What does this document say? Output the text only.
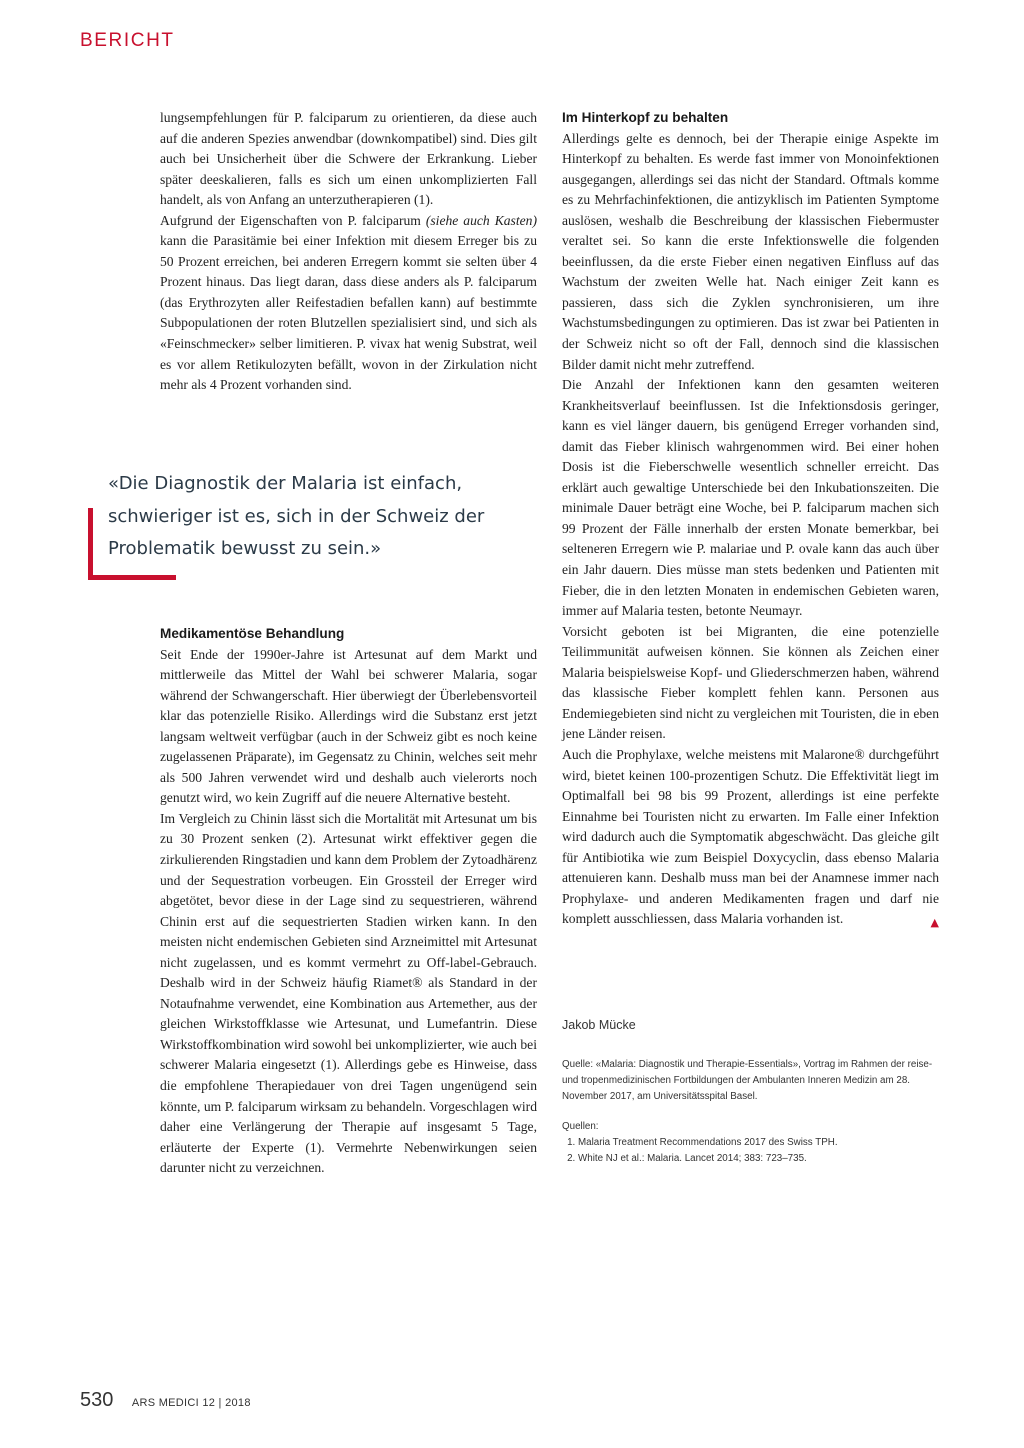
BERICHT

lungsempfehlungen für P. falciparum zu orientieren, da diese auch auf die anderen Spezies anwendbar (downkompatibel) sind. Dies gilt auch bei Unsicherheit über die Schwere der Erkrankung. Lieber später deeskalieren, falls es sich um einen unkomplizierten Fall handelt, als von Anfang an unterzutherapieren (1).

Aufgrund der Eigenschaften von P. falciparum (siehe auch Kasten) kann die Parasitämie bei einer Infektion mit diesem Erreger bis zu 50 Prozent erreichen, bei anderen Erregern kommt sie selten über 4 Prozent hinaus. Das liegt daran, dass diese anders als P. falciparum (das Erythrozyten aller Reifestadien befallen kann) auf bestimmte Subpopulationen der roten Blutzellen spezialisiert sind, und sich als «Feinschmecker» selber limitieren. P. vivax hat wenig Substrat, weil es vor allem Retikulozyten befällt, wovon in der Zirkulation nicht mehr als 4 Prozent vorhanden sind.

Medikamentöse Behandlung

Seit Ende der 1990er-Jahre ist Artesunat auf dem Markt und mittlerweile das Mittel der Wahl bei schwerer Malaria, sogar während der Schwangerschaft. Hier überwiegt der Überlebensvorteil klar das potenzielle Risiko. Allerdings wird die Substanz erst jetzt langsam weltweit verfügbar (auch in der Schweiz gibt es noch keine zugelassenen Präparate), im Gegensatz zu Chinin, welches seit mehr als 500 Jahren verwendet wird und deshalb auch vielerorts noch genutzt wird, wo kein Zugriff auf die neuere Alternative besteht.

Im Vergleich zu Chinin lässt sich die Mortalität mit Artesunat um bis zu 30 Prozent senken (2). Artesunat wirkt effektiver gegen die zirkulierenden Ringstadien und kann dem Problem der Zytoadhärenz und der Sequestration vorbeugen. Ein Grossteil der Erreger wird abgetötet, bevor diese in der Lage sind zu sequestrieren, während Chinin erst auf die sequestrierten Stadien wirken kann. In den meisten nicht endemischen Gebieten sind Arzneimittel mit Artesunat nicht zugelassen, und es kommt vermehrt zu Off-label-Gebrauch. Deshalb wird in der Schweiz häufig Riamet® als Standard in der Notaufnahme verwendet, eine Kombination aus Artemether, aus der gleichen Wirkstoffklasse wie Artesunat, und Lumefantrin. Diese Wirkstoffkombination wird sowohl bei unkomplizierter, wie auch bei schwerer Malaria eingesetzt (1). Allerdings gebe es Hinweise, dass die empfohlene Therapiedauer von drei Tagen ungenügend sein könnte, um P. falciparum wirksam zu behandeln. Vorgeschlagen wird daher eine Verlängerung der Therapie auf insgesamt 5 Tage, erläuterte der Experte (1). Vermehrte Nebenwirkungen seien darunter nicht zu verzeichnen.

«Die Diagnostik der Malaria ist einfach,
schwieriger ist es, sich in der Schweiz der
Problematik bewusst zu sein.»
Im Hinterkopf zu behalten

Allerdings gelte es dennoch, bei der Therapie einige Aspekte im Hinterkopf zu behalten. Es werde fast immer von Monoinfektionen ausgegangen, allerdings sei das nicht der Standard. Oftmals komme es zu Mehrfachinfektionen, die antizyklisch im Patienten Symptome auslösen, weshalb die Beschreibung der klassischen Fiebermuster veraltet sei. So kann die erste Infektionswelle die folgenden beeinflussen, da die erste Fieber einen negativen Einfluss auf das Wachstum der zweiten Welle hat. Nach einiger Zeit kann es passieren, dass sich die Zyklen synchronisieren, um ihre Wachstumsbedingungen zu optimieren. Das ist zwar bei Patienten in der Schweiz nicht so oft der Fall, dennoch sind die klassischen Bilder damit nicht mehr zutreffend.

Die Anzahl der Infektionen kann den gesamten weiteren Krankheitsverlauf beeinflussen. Ist die Infektionsdosis geringer, kann es viel länger dauern, bis genügend Erreger vorhanden sind, damit das Fieber klinisch wahrgenommen wird. Bei einer hohen Dosis ist die Fieberschwelle wesentlich schneller erreicht. Das erklärt auch gewaltige Unterschiede bei den Inkubationszeiten. Die minimale Dauer beträgt eine Woche, bei P. falciparum machen sich 99 Prozent der Fälle innerhalb der ersten Monate bemerkbar, bei selteneren Erregern wie P. malariae und P. ovale kann das auch über ein Jahr dauern. Dies müsse man stets bedenken und Patienten mit Fieber, die in den letzten Monaten in endemischen Gebieten waren, immer auf Malaria testen, betonte Neumayr.

Vorsicht geboten ist bei Migranten, die eine potenzielle Teilimmunität aufweisen können. Sie können als Zeichen einer Malaria beispielsweise Kopf- und Gliederschmerzen haben, während das klassische Fieber komplett fehlen kann. Personen aus Endemiegebieten sind nicht zu vergleichen mit Touristen, die in eben jene Länder reisen.

Auch die Prophylaxe, welche meistens mit Malarone® durchgeführt wird, bietet keinen 100-prozentigen Schutz. Die Effektivität liegt im Optimalfall bei 98 bis 99 Prozent, allerdings ist eine perfekte Einnahme bei Touristen nicht zu erwarten. Im Falle einer Infektion wird dadurch auch die Symptomatik abgeschwächt. Das gleiche gilt für Antibiotika wie zum Beispiel Doxycyclin, dass ebenso Malaria attenuieren kann. Deshalb muss man bei der Anamnese immer nach Prophylaxe- und anderen Medikamenten fragen und darf nie komplett ausschliessen, dass Malaria vorhanden ist.	▲

Jakob Mücke

Quelle: «Malaria: Diagnostik und Therapie-Essentials», Vortrag im Rahmen der reise- und tropenmedizinischen Fortbildungen der Ambulanten Inneren Medizin am 28. November 2017, am Universitätsspital Basel.

Quellen:

1. Malaria Treatment Recommendations 2017 des Swiss TPH.
2. White NJ et al.: Malaria. Lancet 2014; 383: 723–735.
530 ARS MEDICI 12 | 2018
